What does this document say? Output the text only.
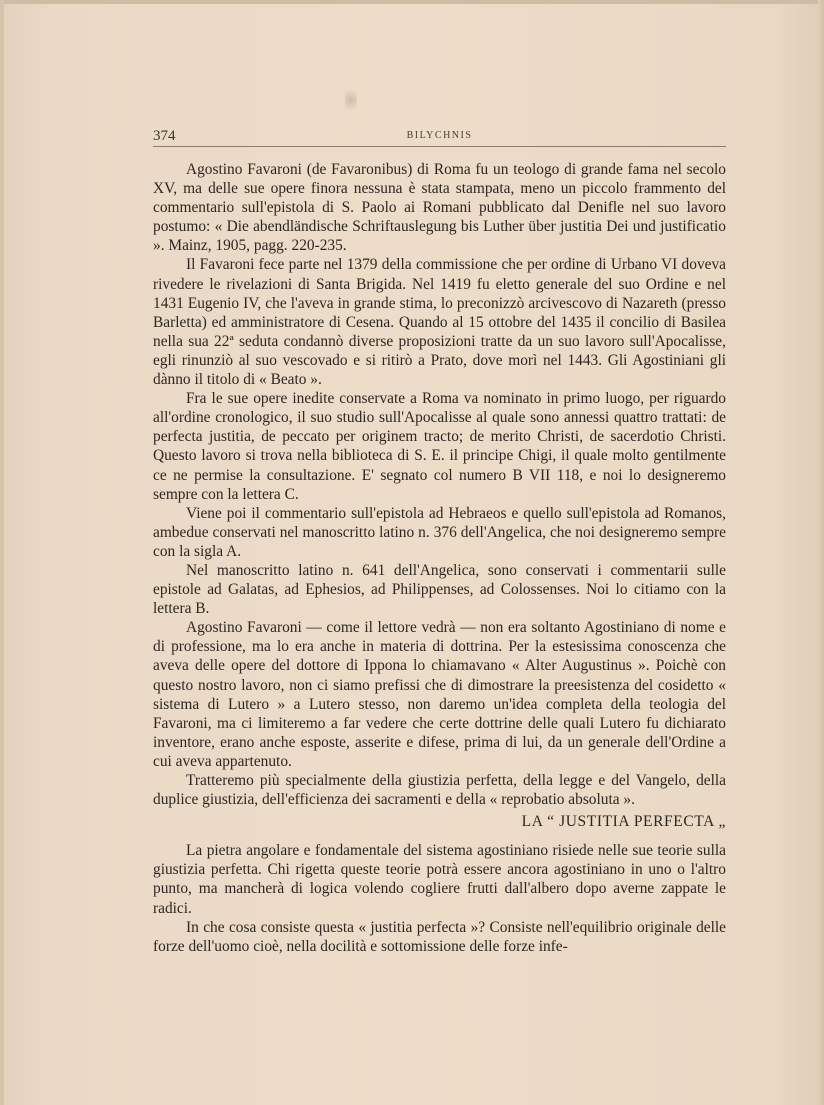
374	BILYCHNIS

Agostino Favaroni (de Favaronibus) di Roma fu un teologo di grande fama nel secolo XV, ma delle sue opere finora nessuna è stata stampata, meno un piccolo frammento del commentario sull'epistola di S. Paolo ai Romani pubblicato dal Denifle nel suo lavoro postumo: « Die abendländische Schriftauslegung bis Luther über justitia Dei und justificatio ». Mainz, 1905, pagg. 220-235.

Il Favaroni fece parte nel 1379 della commissione che per ordine di Urbano VI doveva rivedere le rivelazioni di Santa Brigida. Nel 1419 fu eletto generale del suo Ordine e nel 1431 Eugenio IV, che l'aveva in grande stima, lo preconizzò arcivescovo di Nazareth (presso Barletta) ed amministratore di Cesena. Quando al 15 ottobre del 1435 il concilio di Basilea nella sua 22ª seduta condannò diverse proposizioni tratte da un suo lavoro sull'Apocalisse, egli rinunziò al suo vescovado e si ritirò a Prato, dove morì nel 1443. Gli Agostiniani gli dànno il titolo di « Beato ».

Fra le sue opere inedite conservate a Roma va nominato in primo luogo, per riguardo all'ordine cronologico, il suo studio sull'Apocalisse al quale sono annessi quattro trattati: de perfecta justitia, de peccato per originem tracto; de merito Christi, de sacerdotio Christi. Questo lavoro si trova nella biblioteca di S. E. il principe Chigi, il quale molto gentilmente ce ne permise la consultazione. E' segnato col numero B VII 118, e noi lo designeremo sempre con la lettera C.

Viene poi il commentario sull'epistola ad Hebraeos e quello sull'epistola ad Romanos, ambedue conservati nel manoscritto latino n. 376 dell'Angelica, che noi designeremo sempre con la sigla A.

Nel manoscritto latino n. 641 dell'Angelica, sono conservati i commentarii sulle epistole ad Galatas, ad Ephesios, ad Philippenses, ad Colossenses. Noi lo citiamo con la lettera B.

Agostino Favaroni — come il lettore vedrà — non era soltanto Agostiniano di nome e di professione, ma lo era anche in materia di dottrina. Per la estesissima conoscenza che aveva delle opere del dottore di Ippona lo chiamavano « Alter Augustinus ». Poichè con questo nostro lavoro, non ci siamo prefissi che di dimostrare la preesistenza del cosidetto « sistema di Lutero » a Lutero stesso, non daremo un'idea completa della teologia del Favaroni, ma ci limiteremo a far vedere che certe dottrine delle quali Lutero fu dichiarato inventore, erano anche esposte, asserite e difese, prima di lui, da un generale dell'Ordine a cui aveva appartenuto.

Tratteremo più specialmente della giustizia perfetta, della legge e del Vangelo, della duplice giustizia, dell'efficienza dei sacramenti e della « reprobatio absoluta ».

LA “ JUSTITIA PERFECTA „

La pietra angolare e fondamentale del sistema agostiniano risiede nelle sue teorie sulla giustizia perfetta. Chi rigetta queste teorie potrà essere ancora agostiniano in uno o l'altro punto, ma mancherà di logica volendo cogliere frutti dall'albero dopo averne zappate le radici.

In che cosa consiste questa « justitia perfecta »? Consiste nell'equilibrio originale delle forze dell'uomo cioè, nella docilità e sottomissione delle forze infe-
